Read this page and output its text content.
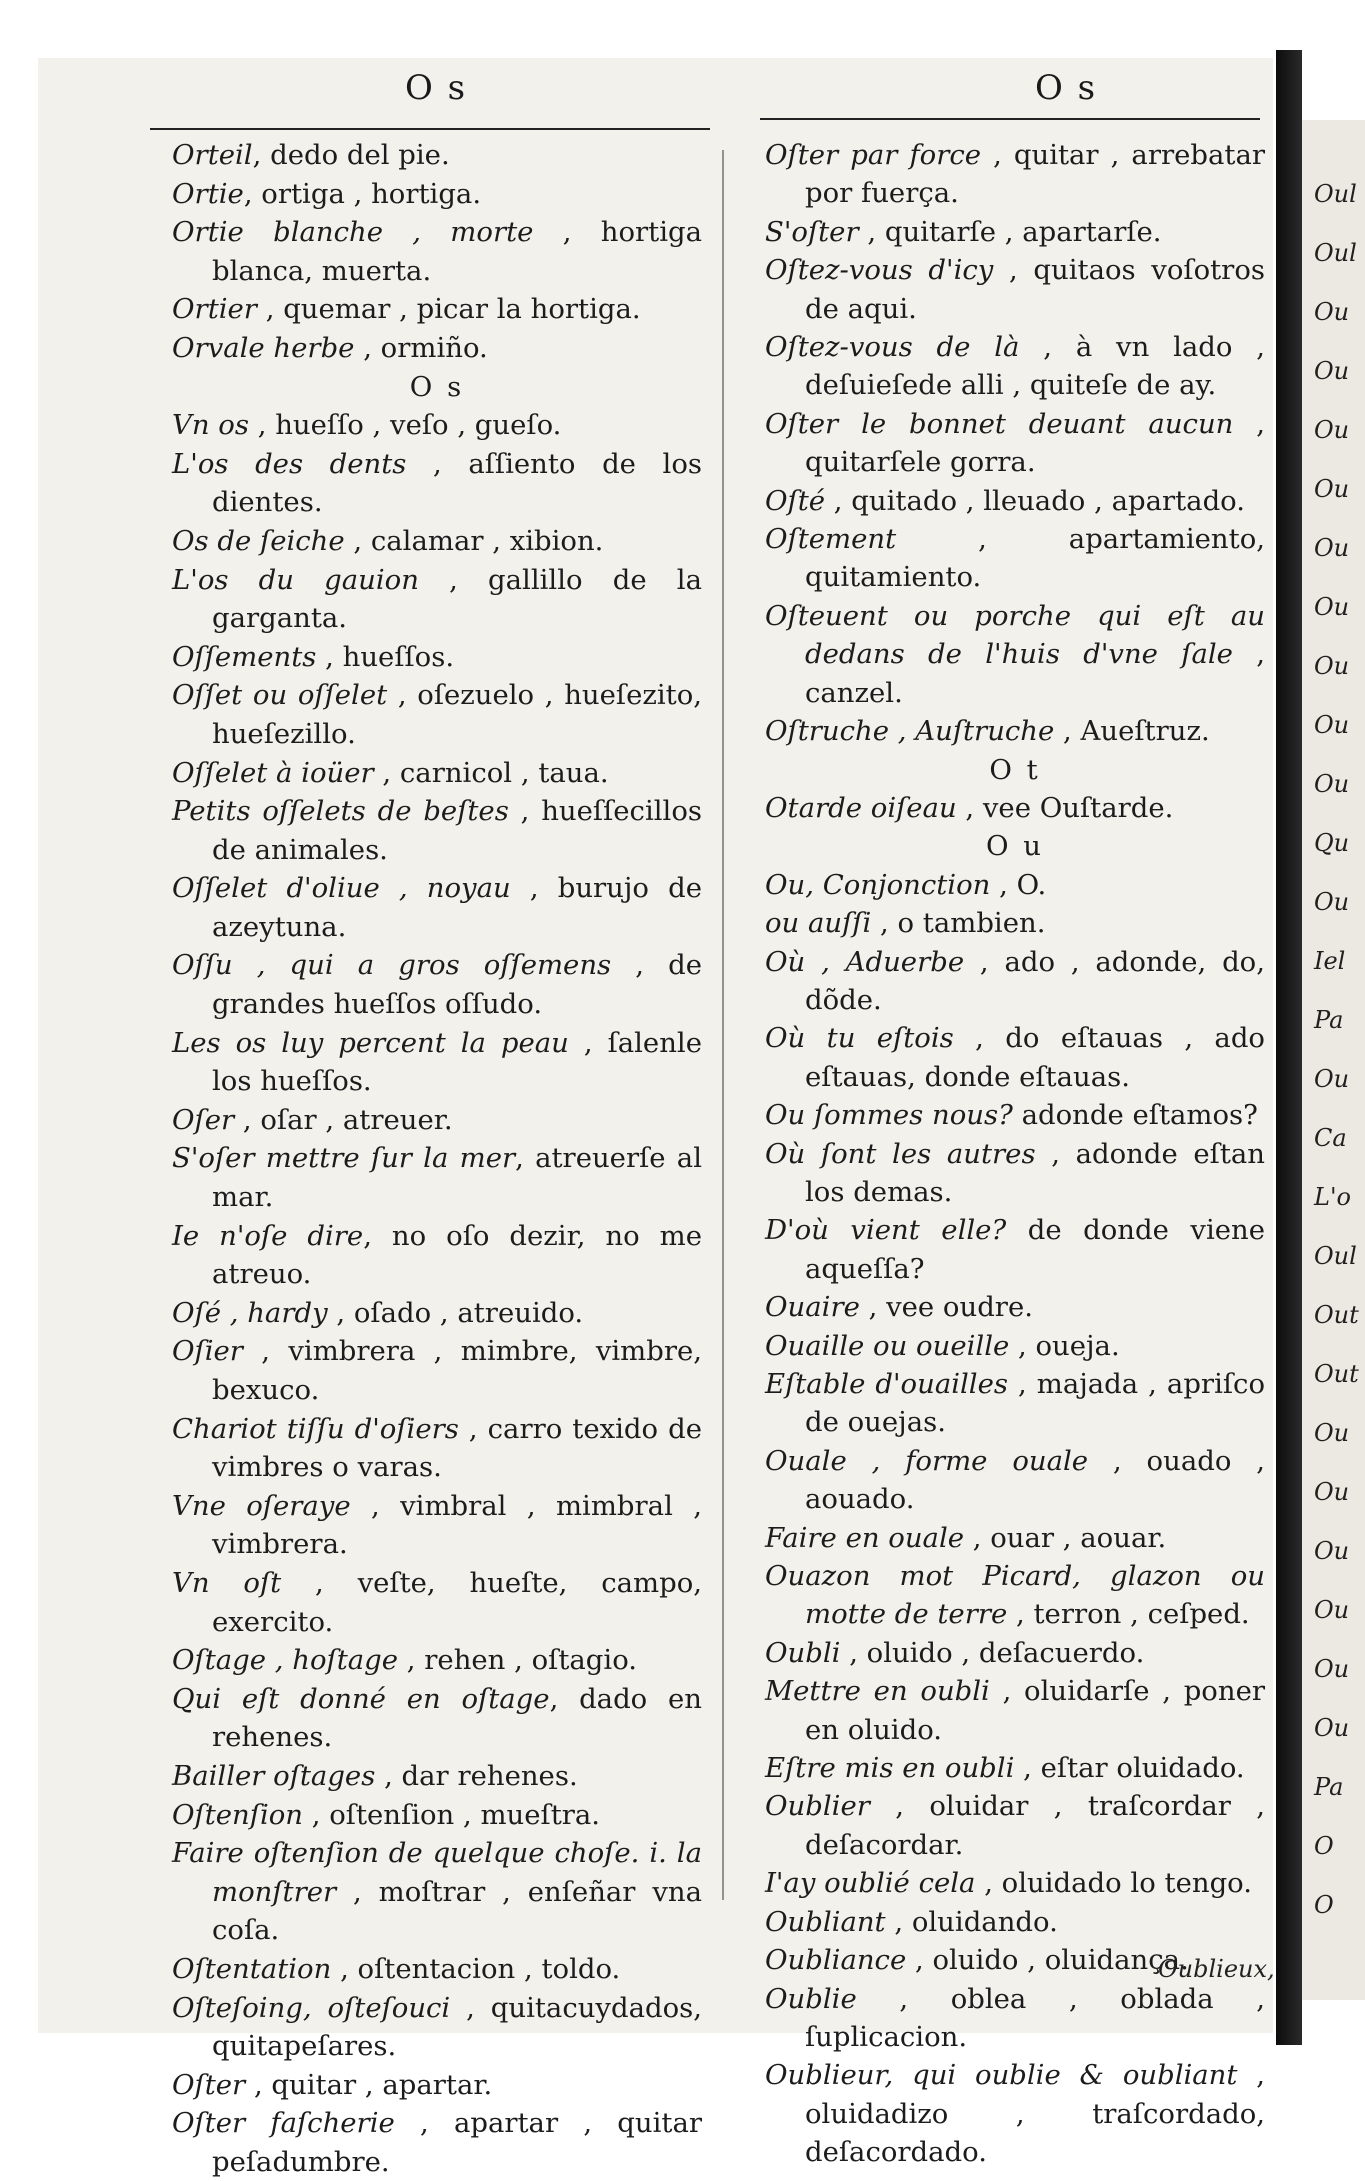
Oul
Oul
Ou
Ou
Ou
Ou
Ou
Ou
Ou
Ou
Ou
Qu
Ou
Iel
Pa
Ou
Ca
L'o
Oul
Out
Out
Ou
Ou
Ou
Ou
Ou
Ou
Pa
O
O
O s	O s

Orteil, dedo del pie.

Ortie, ortiga , hortiga.

Ortie blanche , morte , hortiga blanca, muerta.

Ortier , quemar , picar la hortiga.

Orvale herbe , ormiño.

O s

Vn os , hueſſo , veſo , gueſo.

L'os des dents , aſſiento de los dientes.

Os de ſeiche , calamar , xibion.

L'os du gauion , gallillo de la garganta.

Oſſements , hueſſos.

Oſſet ou oſſelet , oſezuelo , hueſezito, hueſezillo.

Oſſelet à ioüer , carnicol , taua.

Petits oſſelets de beſtes , hueſſecillos de animales.

Oſſelet d'oliue , noyau , burujo de azeytuna.

Oſſu , qui a gros oſſemens , de grandes hueſſos oſſudo.

Les os luy percent la peau , ſalenle los hueſſos.

Oſer , oſar , atreuer.

S'oſer mettre ſur la mer, atreuerſe al mar.

Ie n'oſe dire, no oſo dezir, no me atreuo.

Oſé , hardy , oſado , atreuido.

Oſier , vimbrera , mimbre, vimbre, bexuco.

Chariot tiſſu d'oſiers , carro texido de vimbres o varas.

Vne oſeraye , vimbral , mimbral , vimbrera.

Vn oſt , veſte, hueſte, campo, exercito.

Oſtage , hoſtage , rehen , oſtagio.

Qui eſt donné en oſtage, dado en rehenes.

Bailler oſtages , dar rehenes.

Oſtenſion , oſtenſion , mueſtra.

Faire oſtenſion de quelque choſe. i. la monſtrer , moſtrar , enſeñar vna coſa.

Oſtentation , oſtentacion , toldo.

Oſteſoing, oſteſouci , quitacuydados, quitapeſares.

Oſter , quitar , apartar.

Oſter faſcherie , apartar , quitar peſadumbre.

Oſter par force , quitar , arrebatar por fuerça.

S'oſter , quitarſe , apartarſe.

Oſtez-vous d'icy , quitaos voſotros de aqui.

Oſtez-vous de là , à vn lado , deſuieſede alli , quiteſe de ay.

Oſter le bonnet deuant aucun , quitarſele gorra.

Oſté , quitado , lleuado , apartado.

Oſtement , apartamiento, quitamiento.

Oſteuent ou porche qui eſt au dedans de l'huis d'vne ſale , canzel.

Oſtruche , Auſtruche , Aueſtruz.

O t

Otarde oiſeau , vee Ouſtarde.

O u

Ou, Conjonction , O.

ou auſſi , o tambien.

Où , Aduerbe , ado , adonde, do, dõde.

Où tu eſtois , do eſtauas , ado eſtauas, donde eſtauas.

Ou ſommes nous? adonde eſtamos?

Où ſont les autres , adonde eſtan los demas.

D'où vient elle? de donde viene aqueſſa?

Ouaire , vee oudre.

Ouaille ou oueille , oueja.

Eſtable d'ouailles , majada , apriſco de ouejas.

Ouale , forme ouale , ouado , aouado.

Faire en ouale , ouar , aouar.

Ouazon mot Picard, glazon ou motte de terre , terron , ceſped.

Oubli , oluido , deſacuerdo.

Mettre en oubli , oluidarſe , poner en oluido.

Eſtre mis en oubli , eſtar oluidado.

Oublier , oluidar , traſcordar , deſacordar.

I'ay oublié cela , oluidado lo tengo.

Oubliant , oluidando.

Oubliance , oluido , oluidança.

Oublie , oblea , oblada , ſuplicacion.

Oublieur, qui oublie & oubliant , oluidadizo , traſcordado, deſacordado.

Oublieux,
